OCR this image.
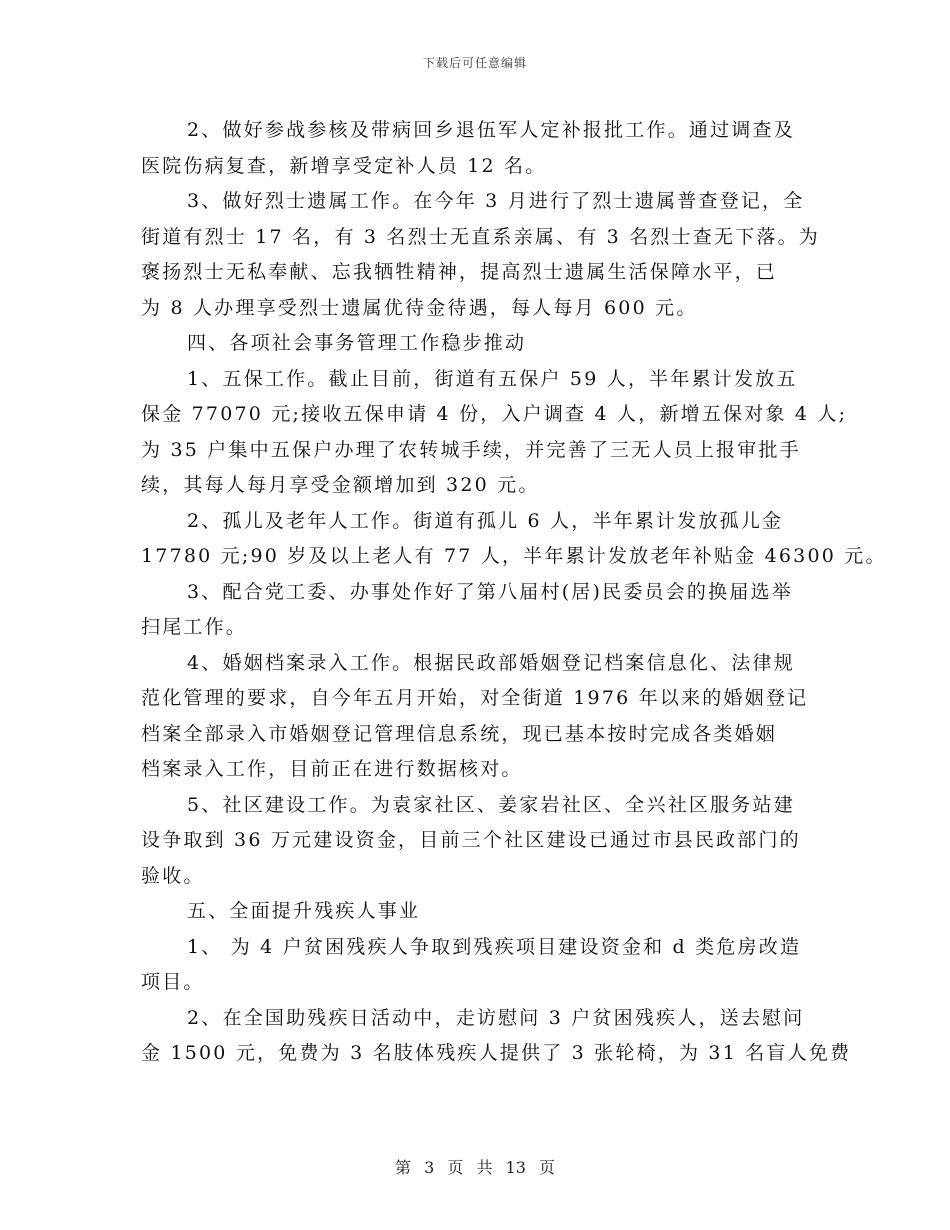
下载后可任意编辑
2、做好参战参核及带病回乡退伍军人定补报批工作。通过调查及
医院伤病复查，新增享受定补人员 12 名。
3、做好烈士遗属工作。在今年 3 月进行了烈士遗属普查登记，全
街道有烈士 17 名，有 3 名烈士无直系亲属、有 3 名烈士查无下落。为
褒扬烈士无私奉献、忘我牺牲精神，提高烈士遗属生活保障水平，已
为 8 人办理享受烈士遗属优待金待遇，每人每月 600 元。
四、各项社会事务管理工作稳步推动
1、五保工作。截止目前，街道有五保户 59 人，半年累计发放五
保金 77070 元;接收五保申请 4 份，入户调查 4 人，新增五保对象 4 人;
为 35 户集中五保户办理了农转城手续，并完善了三无人员上报审批手
续，其每人每月享受金额增加到 320 元。
2、孤儿及老年人工作。街道有孤儿 6 人，半年累计发放孤儿金
17780 元;90 岁及以上老人有 77 人，半年累计发放老年补贴金 46300 元。
3、配合党工委、办事处作好了第八届村(居)民委员会的换届选举
扫尾工作。
4、婚姻档案录入工作。根据民政部婚姻登记档案信息化、法律规
范化管理的要求，自今年五月开始，对全街道 1976 年以来的婚姻登记
档案全部录入市婚姻登记管理信息系统，现已基本按时完成各类婚姻
档案录入工作，目前正在进行数据核对。
5、社区建设工作。为袁家社区、姜家岩社区、全兴社区服务站建
设争取到 36 万元建设资金，目前三个社区建设已通过市县民政部门的
验收。
五、全面提升残疾人事业
1、 为 4 户贫困残疾人争取到残疾项目建设资金和 d 类危房改造
项目。
2、在全国助残疾日活动中，走访慰问 3 户贫困残疾人，送去慰问
金 1500 元，免费为 3 名肢体残疾人提供了 3 张轮椅，为 31 名盲人免费
第 3 页 共 13 页
